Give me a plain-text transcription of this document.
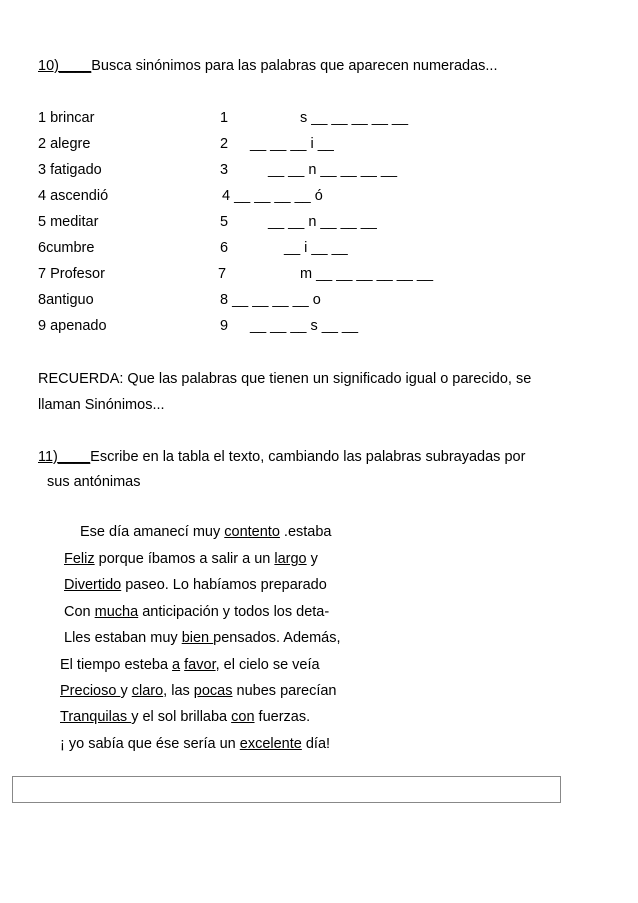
10)____Busca sinónimos para las palabras que aparecen numeradas...
1 brincar	1	s __ __ __ __ __
2 alegre	2 __ __ __ i __
3 fatigado	3	__ __ n __ __ __ __
4 ascendió	4 __ __ __ __ ó
5 meditar	5	__ __ n __ __ __
6cumbre	6	__ i __ __
7 Profesor	7	m __ __ __ __ __ __
8antiguo	8 __ __ __ __ o
9 apenado	9 __ __ __ s __ __
RECUERDA: Que las palabras que tienen un significado igual o parecido, se
llaman Sinónimos...
11)____Escribe en la tabla el texto, cambiando las palabras subrayadas por
sus antónimas
Ese día amanecí muy contento .estaba
Feliz porque íbamos a salir a un largo y
Divertido paseo. Lo habíamos preparado
Con mucha anticipación y todos los deta-
Lles estaban muy bien pensados. Además,
El tiempo esteba a favor, el cielo se veía
Precioso y claro, las pocas nubes parecían
Tranquilas y el sol brillaba con fuerzas.
¡ yo sabía que ése sería un excelente día!
